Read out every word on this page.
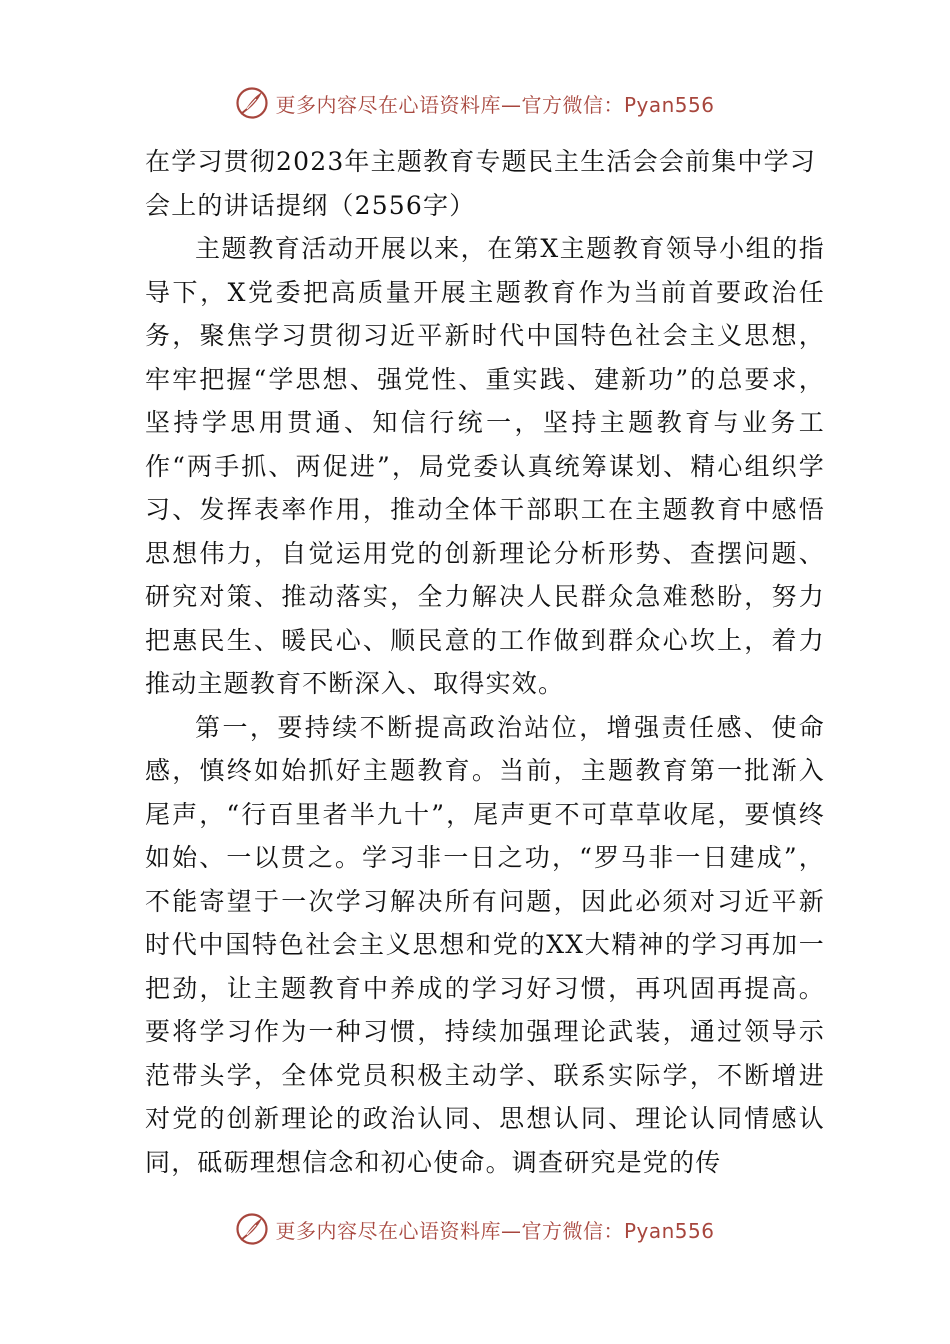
更多内容尽在心语资料库—官方微信：Pyan556
在学习贯彻2023年主题教育专题民主生活会会前集中学习会上的讲话提纲（2556字）

主题教育活动开展以来，在第X主题教育领导小组的指导下，X党委把高质量开展主题教育作为当前首要政治任务，聚焦学习贯彻习近平新时代中国特色社会主义思想，牢牢把握“学思想、强党性、重实践、建新功”的总要求，坚持学思用贯通、知信行统一，坚持主题教育与业务工作“两手抓、两促进”，局党委认真统筹谋划、精心组织学习、发挥表率作用，推动全体干部职工在主题教育中感悟思想伟力，自觉运用党的创新理论分析形势、查摆问题、研究对策、推动落实，全力解决人民群众急难愁盼，努力把惠民生、暖民心、顺民意的工作做到群众心坎上，着力推动主题教育不断深入、取得实效。

第一，要持续不断提高政治站位，增强责任感、使命感，慎终如始抓好主题教育。当前，主题教育第一批渐入尾声，“行百里者半九十”，尾声更不可草草收尾，要慎终如始、一以贯之。学习非一日之功，“罗马非一日建成”，不能寄望于一次学习解决所有问题，因此必须对习近平新时代中国特色社会主义思想和党的XX大精神的学习再加一把劲，让主题教育中养成的学习好习惯，再巩固再提高。要将学习作为一种习惯，持续加强理论武装，通过领导示范带头学，全体党员积极主动学、联系实际学，不断增进对党的创新理论的政治认同、思想认同、理论认同情感认同，砥砺理想信念和初心使命。调查研究是党的传

更多内容尽在心语资料库—官方微信：Pyan556
